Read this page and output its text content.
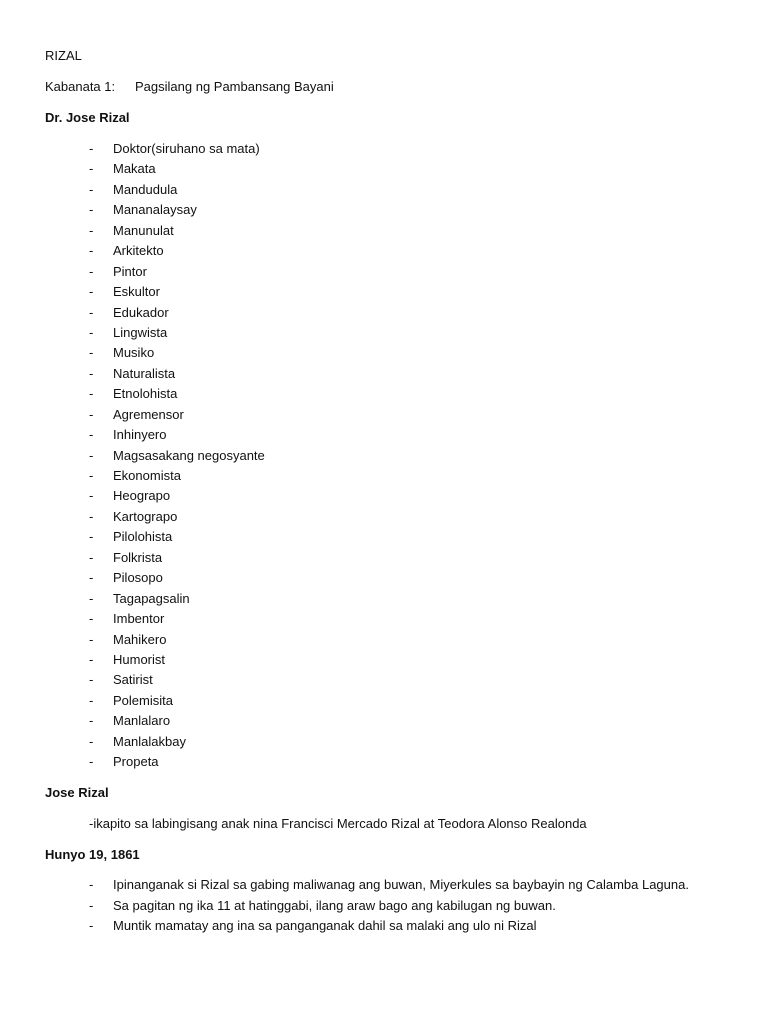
RIZAL
Kabanata 1: Pagsilang ng Pambansang Bayani
Dr. Jose Rizal
- Doktor(siruhano sa mata)
- Makata
- Mandudula
- Mananalaysay
- Manunulat
- Arkitekto
- Pintor
- Eskultor
- Edukador
- Lingwista
- Musiko
- Naturalista
- Etnolohista
- Agremensor
- Inhinyero
- Magsasakang negosyante
- Ekonomista
- Heograpo
- Kartograpo
- Pilolohista
- Folkrista
- Pilosopo
- Tagapagsalin
- Imbentor
- Mahikero
- Humorist
- Satirist
- Polemisita
- Manlalaro
- Manlalakbay
- Propeta
Jose Rizal
-ikapito sa labingisang anak nina Francisci Mercado Rizal at Teodora Alonso Realonda
Hunyo 19, 1861
- Ipinanganak si Rizal sa gabing maliwanag ang buwan, Miyerkules sa baybayin ng Calamba Laguna.
- Sa pagitan ng ika 11 at hatinggabi, ilang araw bago ang kabilugan ng buwan.
- Muntik mamatay ang ina sa panganganak dahil sa malaki ang ulo ni Rizal
